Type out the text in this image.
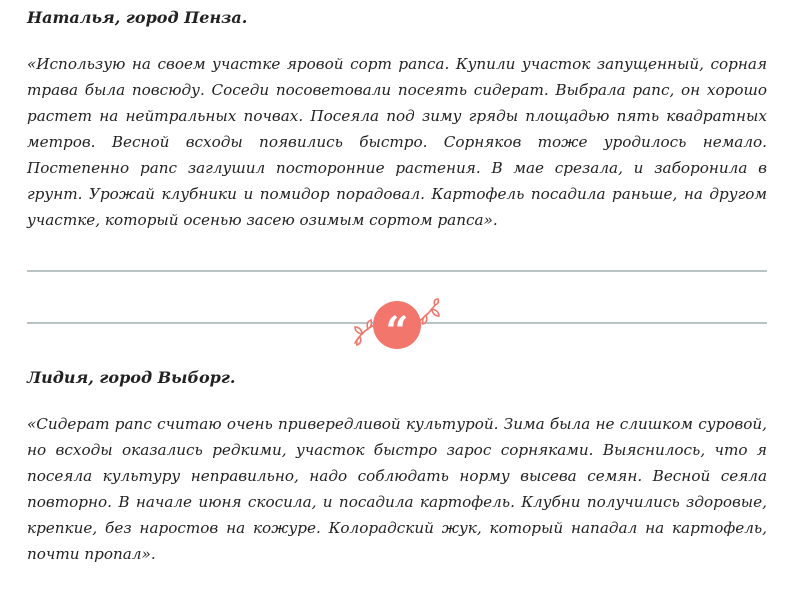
Наталья, город Пенза.

«Использую на своем участке яровой сорт рапса. Купили участок запущенный, сорная трава была повсюду. Соседи посоветовали посеять сидерат. Выбрала рапс, он хорошо растет на нейтральных почвах. Посеяла под зиму гряды площадью пять квадратных метров. Весной всходы появились быстро. Сорняков тоже уродилось немало. Постепенно рапс заглушил посторонние растения. В мае срезала, и заборонила в грунт. Урожай клубники и помидор порадовал. Картофель посадила раньше, на другом участке, который осенью засею озимым сортом рапса».

“

Лидия, город Выборг.

«Сидерат рапс считаю очень привередливой культурой. Зима была не слишком суровой, но всходы оказались редкими, участок быстро зарос сорняками. Выяснилось, что я посеяла культуру неправильно, надо соблюдать норму высева семян. Весной сеяла повторно. В начале июня скосила, и посадила картофель. Клубни получились здоровые, крепкие, без наростов на кожуре. Колорадский жук, который нападал на картофель, почти пропал».
